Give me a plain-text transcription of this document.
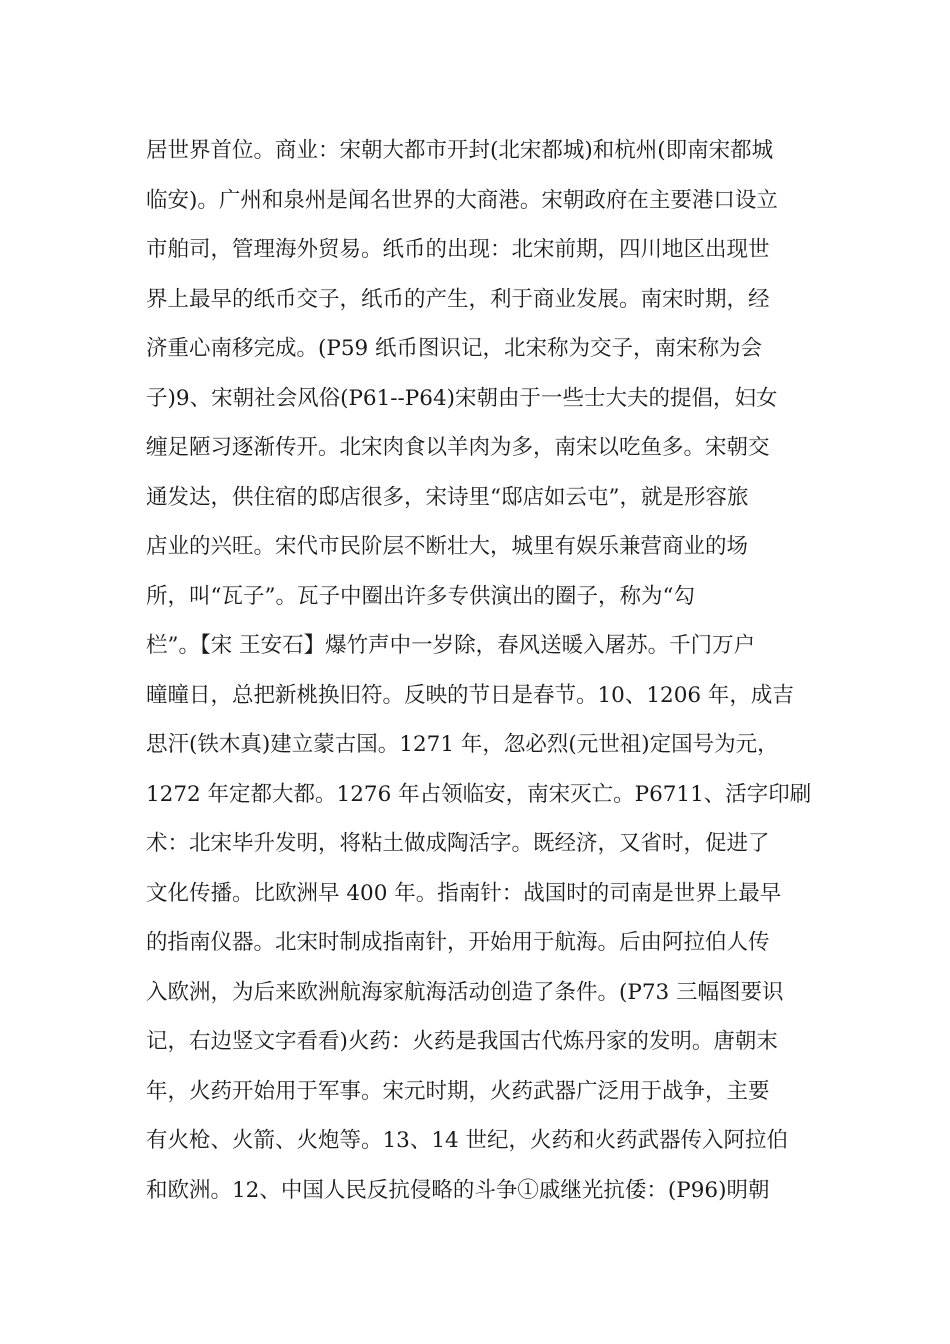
居世界首位。商业：宋朝大都市开封(北宋都城)和杭州(即南宋都城
临安)。广州和泉州是闻名世界的大商港。宋朝政府在主要港口设立
市舶司，管理海外贸易。纸币的出现：北宋前期，四川地区出现世
界上最早的纸币交子，纸币的产生，利于商业发展。南宋时期，经
济重心南移完成。(P59 纸币图识记，北宋称为交子，南宋称为会
子)9、宋朝社会风俗(P61--P64)宋朝由于一些士大夫的提倡，妇女
缠足陋习逐渐传开。北宋肉食以羊肉为多，南宋以吃鱼多。宋朝交
通发达，供住宿的邸店很多，宋诗里“邸店如云屯”，就是形容旅
店业的兴旺。宋代市民阶层不断壮大，城里有娱乐兼营商业的场
所，叫“瓦子”。瓦子中圈出许多专供演出的圈子，称为“勾
栏”。【宋 王安石】爆竹声中一岁除，春风送暖入屠苏。千门万户
曈曈日，总把新桃换旧符。反映的节日是春节。10、1206 年，成吉
思汗(铁木真)建立蒙古国。1271 年，忽必烈(元世祖)定国号为元，
1272 年定都大都。1276 年占领临安，南宋灭亡。P6711、活字印刷
术：北宋毕升发明，将粘土做成陶活字。既经济，又省时，促进了
文化传播。比欧洲早 400 年。指南针：战国时的司南是世界上最早
的指南仪器。北宋时制成指南针，开始用于航海。后由阿拉伯人传
入欧洲，为后来欧洲航海家航海活动创造了条件。(P73 三幅图要识
记，右边竖文字看看)火药：火药是我国古代炼丹家的发明。唐朝末
年，火药开始用于军事。宋元时期，火药武器广泛用于战争，主要
有火枪、火箭、火炮等。13、14 世纪，火药和火药武器传入阿拉伯
和欧洲。12、中国人民反抗侵略的斗争①戚继光抗倭：(P96)明朝
